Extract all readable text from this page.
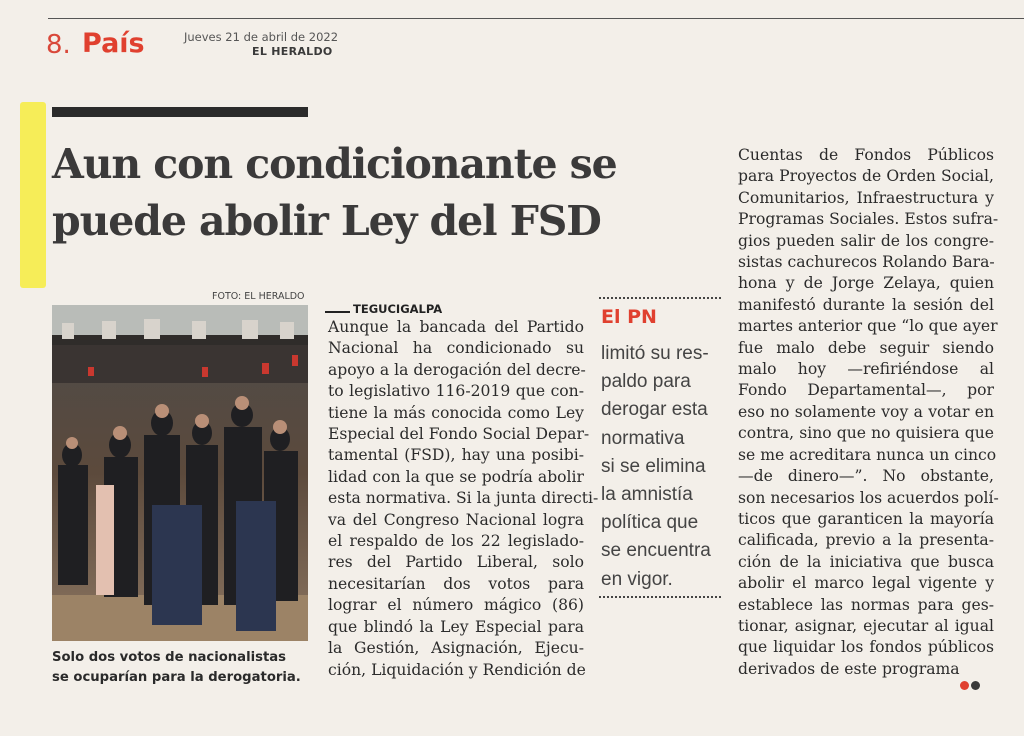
8. País	Jueves 21 de abril de 2022
EL HERALDO
Aun con condicionante se
puede abolir Ley del FSD
FOTO: EL HERALDO
Solo dos votos de nacionalistas
se ocuparían para la derogatoria.
TEGUCIGALPA
Aunque la bancada del Partido
Nacional ha condicionado su
apoyo a la derogación del decre-
to legislativo 116-2019 que con-
tiene la más conocida como Ley
Especial del Fondo Social Depar-
tamental (FSD), hay una posibi-
lidad con la que se podría abolir
esta normativa. Si la junta directi-
va del Congreso Nacional logra
el respaldo de los 22 legislado-
res del Partido Liberal, solo
necesitarían dos votos para
lograr el número mágico (86)
que blindó la Ley Especial para
la Gestión, Asignación, Ejecu-
ción, Liquidación y Rendición de
El PN
limitó su res-
paldo para
derogar esta
normativa
si se elimina
la amnistía
política que
se encuentra
en vigor.
Cuentas de Fondos Públicos
para Proyectos de Orden Social,
Comunitarios, Infraestructura y
Programas Sociales. Estos sufra-
gios pueden salir de los congre-
sistas cachurecos Rolando Bara-
hona y de Jorge Zelaya, quien
manifestó durante la sesión del
martes anterior que “lo que ayer
fue malo debe seguir siendo
malo hoy —refiriéndose al
Fondo Departamental—, por
eso no solamente voy a votar en
contra, sino que no quisiera que
se me acreditara nunca un cinco
—de dinero—”. No obstante,
son necesarios los acuerdos polí-
ticos que garanticen la mayoría
calificada, previo a la presenta-
ción de la iniciativa que busca
abolir el marco legal vigente y
establece las normas para ges-
tionar, asignar, ejecutar al igual
que liquidar los fondos públicos
derivados de este programa
